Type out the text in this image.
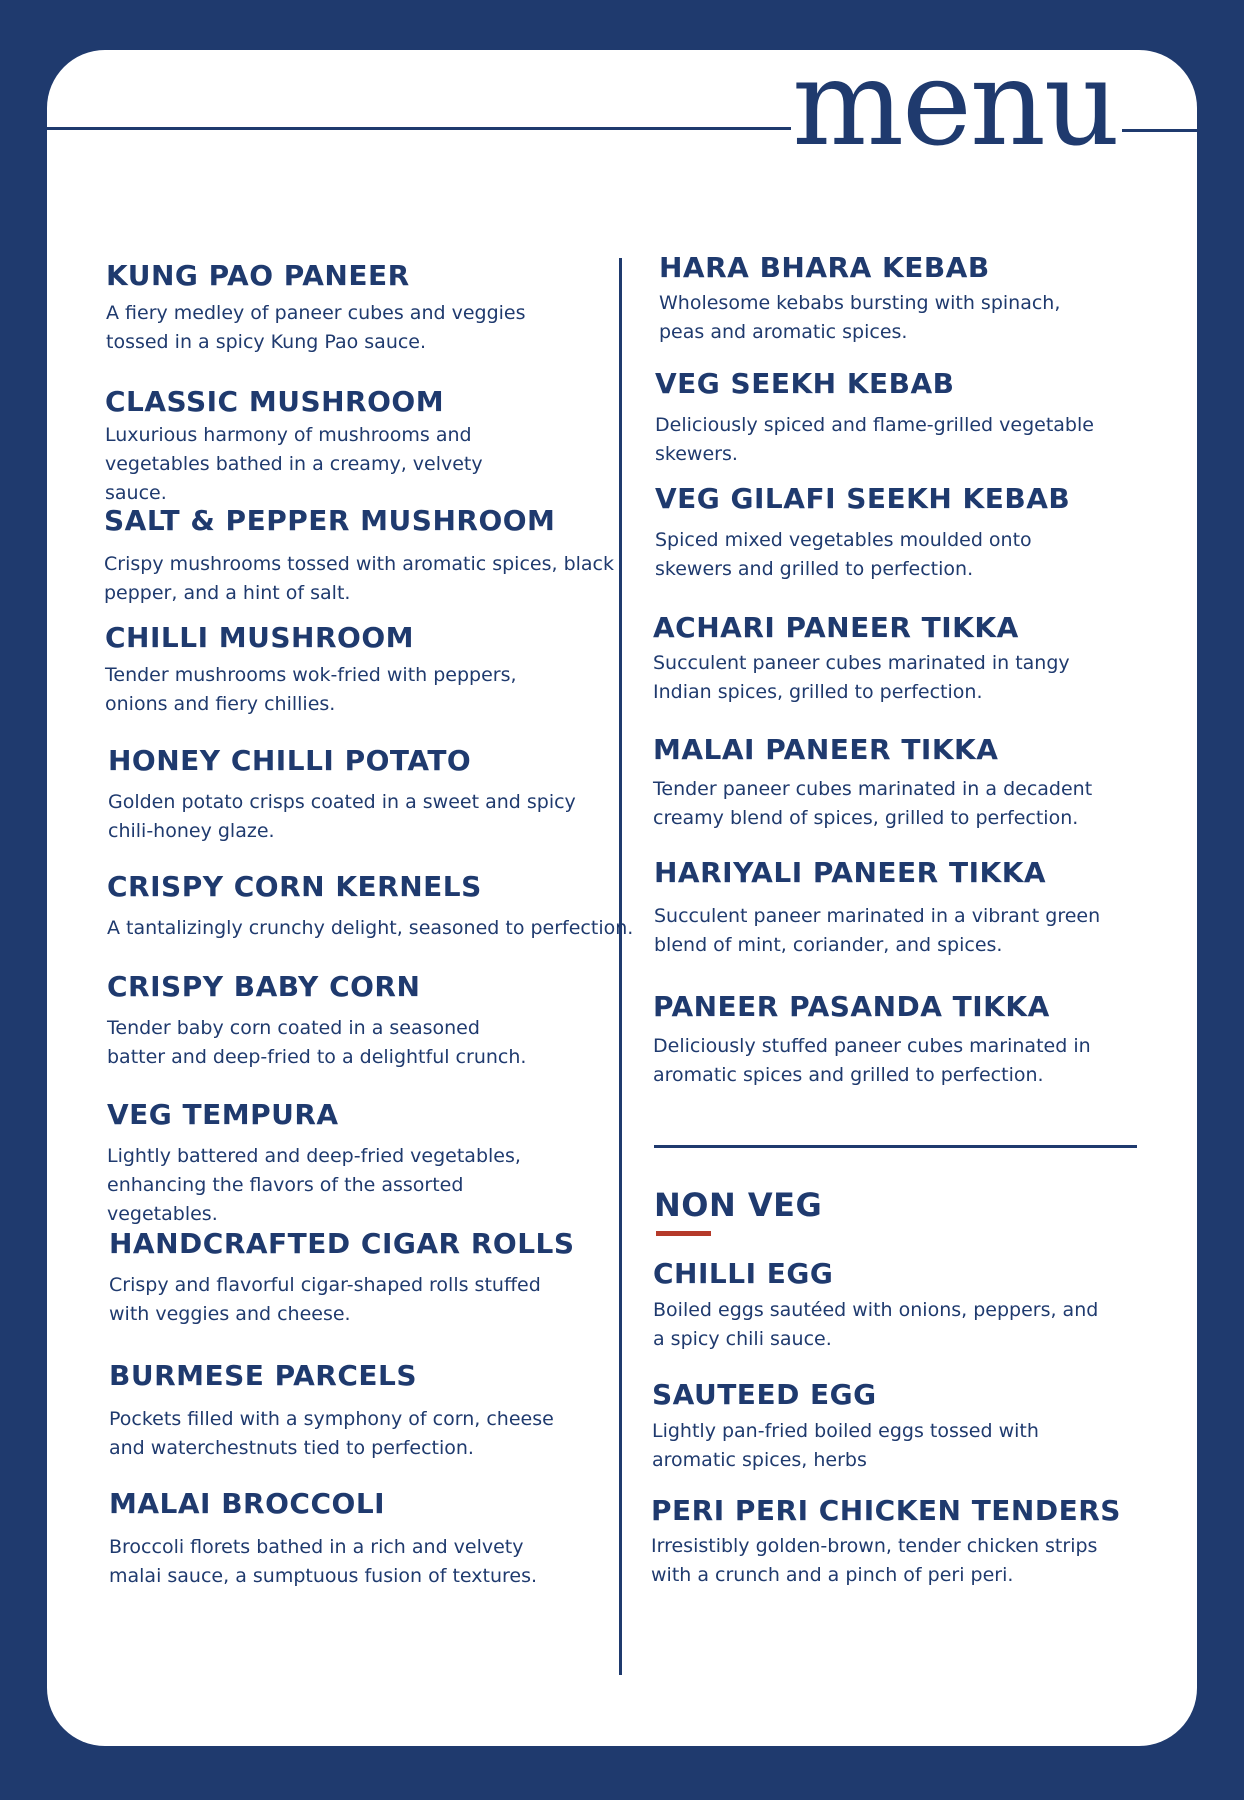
menu
KUNG PAO PANEER
A fiery medley of paneer cubes and veggies tossed in a spicy Kung Pao sauce.
CLASSIC MUSHROOM
Luxurious harmony of mushrooms and vegetables bathed in a creamy, velvety sauce.
SALT & PEPPER MUSHROOM
Crispy mushrooms tossed with aromatic spices, black pepper, and a hint of salt.
CHILLI MUSHROOM
Tender mushrooms wok-fried with peppers, onions and fiery chillies.
HONEY CHILLI POTATO
Golden potato crisps coated in a sweet and spicy chili-honey glaze.
CRISPY CORN KERNELS
A tantalizingly crunchy delight, seasoned to perfection.
CRISPY BABY CORN
Tender baby corn coated in a seasoned batter and deep-fried to a delightful crunch.
VEG TEMPURA
Lightly battered and deep-fried vegetables, enhancing the flavors of the assorted vegetables.
HANDCRAFTED CIGAR ROLLS
Crispy and flavorful cigar-shaped rolls stuffed with veggies and cheese.
BURMESE PARCELS
Pockets filled with a symphony of corn, cheese and waterchestnuts tied to perfection.
MALAI BROCCOLI
Broccoli florets bathed in a rich and velvety malai sauce, a sumptuous fusion of textures.
HARA BHARA KEBAB
Wholesome kebabs bursting with spinach, peas and aromatic spices.
VEG SEEKH KEBAB
Deliciously spiced and flame-grilled vegetable skewers.
VEG GILAFI SEEKH KEBAB
Spiced mixed vegetables moulded onto skewers and grilled to perfection.
ACHARI PANEER TIKKA
Succulent paneer cubes marinated in tangy Indian spices, grilled to perfection.
MALAI PANEER TIKKA
Tender paneer cubes marinated in a decadent creamy blend of spices, grilled to perfection.
HARIYALI PANEER TIKKA
Succulent paneer marinated in a vibrant green blend of mint, coriander, and spices.
PANEER PASANDA TIKKA
Deliciously stuffed paneer cubes marinated in aromatic spices and grilled to perfection.
NON VEG
CHILLI EGG
Boiled eggs sautéed with onions, peppers, and a spicy chili sauce.
SAUTEED EGG
Lightly pan-fried boiled eggs tossed with aromatic spices, herbs
PERI PERI CHICKEN TENDERS
Irresistibly golden-brown, tender chicken strips with a crunch and a pinch of peri peri.
